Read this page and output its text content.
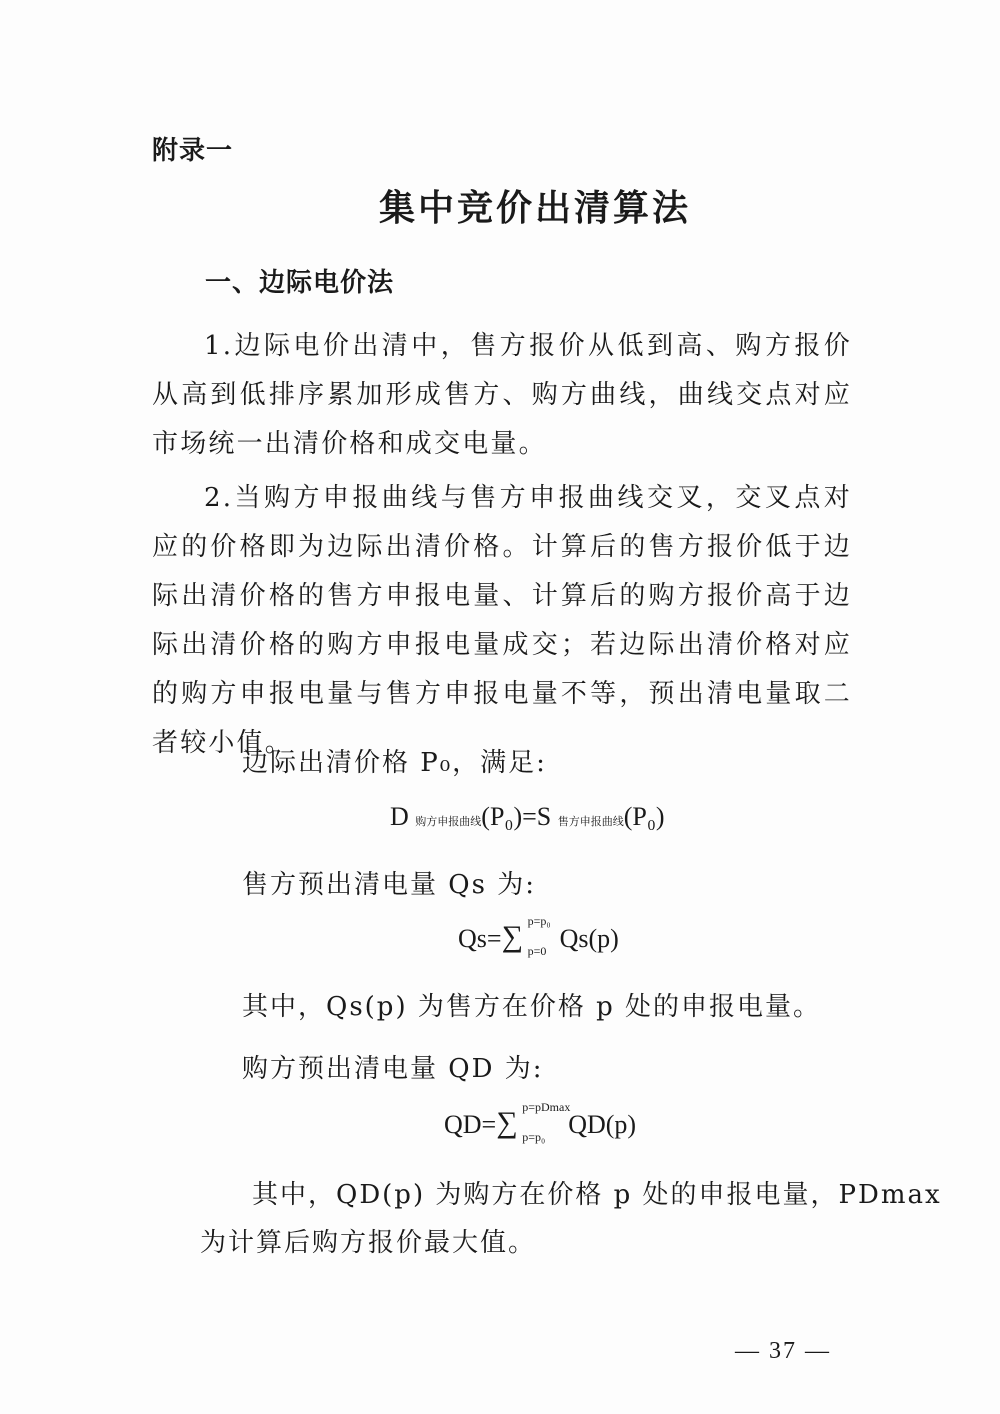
附录一
集中竞价出清算法
一、边际电价法
1.边际电价出清中，售方报价从低到高、购方报价从高到低排序累加形成售方、购方曲线，曲线交点对应市场统一出清价格和成交电量。
2.当购方申报曲线与售方申报曲线交叉，交叉点对应的价格即为边际出清价格。计算后的售方报价低于边际出清价格的售方申报电量、计算后的购方报价高于边际出清价格的购方申报电量成交；若边际出清价格对应的购方申报电量与售方申报电量不等，预出清电量取二者较小值。
边际出清价格 P₀，满足:
D 购方申报曲线(P₀)=S 售方申报曲线(P₀)
售方预出清电量 Qs 为:
Qs= ∑ p=p₀
p=0 Qs(p)
其中，Qs(p) 为售方在价格 p 处的申报电量。
购方预出清电量 QD 为:
QD= ∑ p=pDmax
p=p₀ QD(p)
其中，QD(p) 为购方在价格 p 处的申报电量，PDmax
为计算后购方报价最大值。
— 37 —
